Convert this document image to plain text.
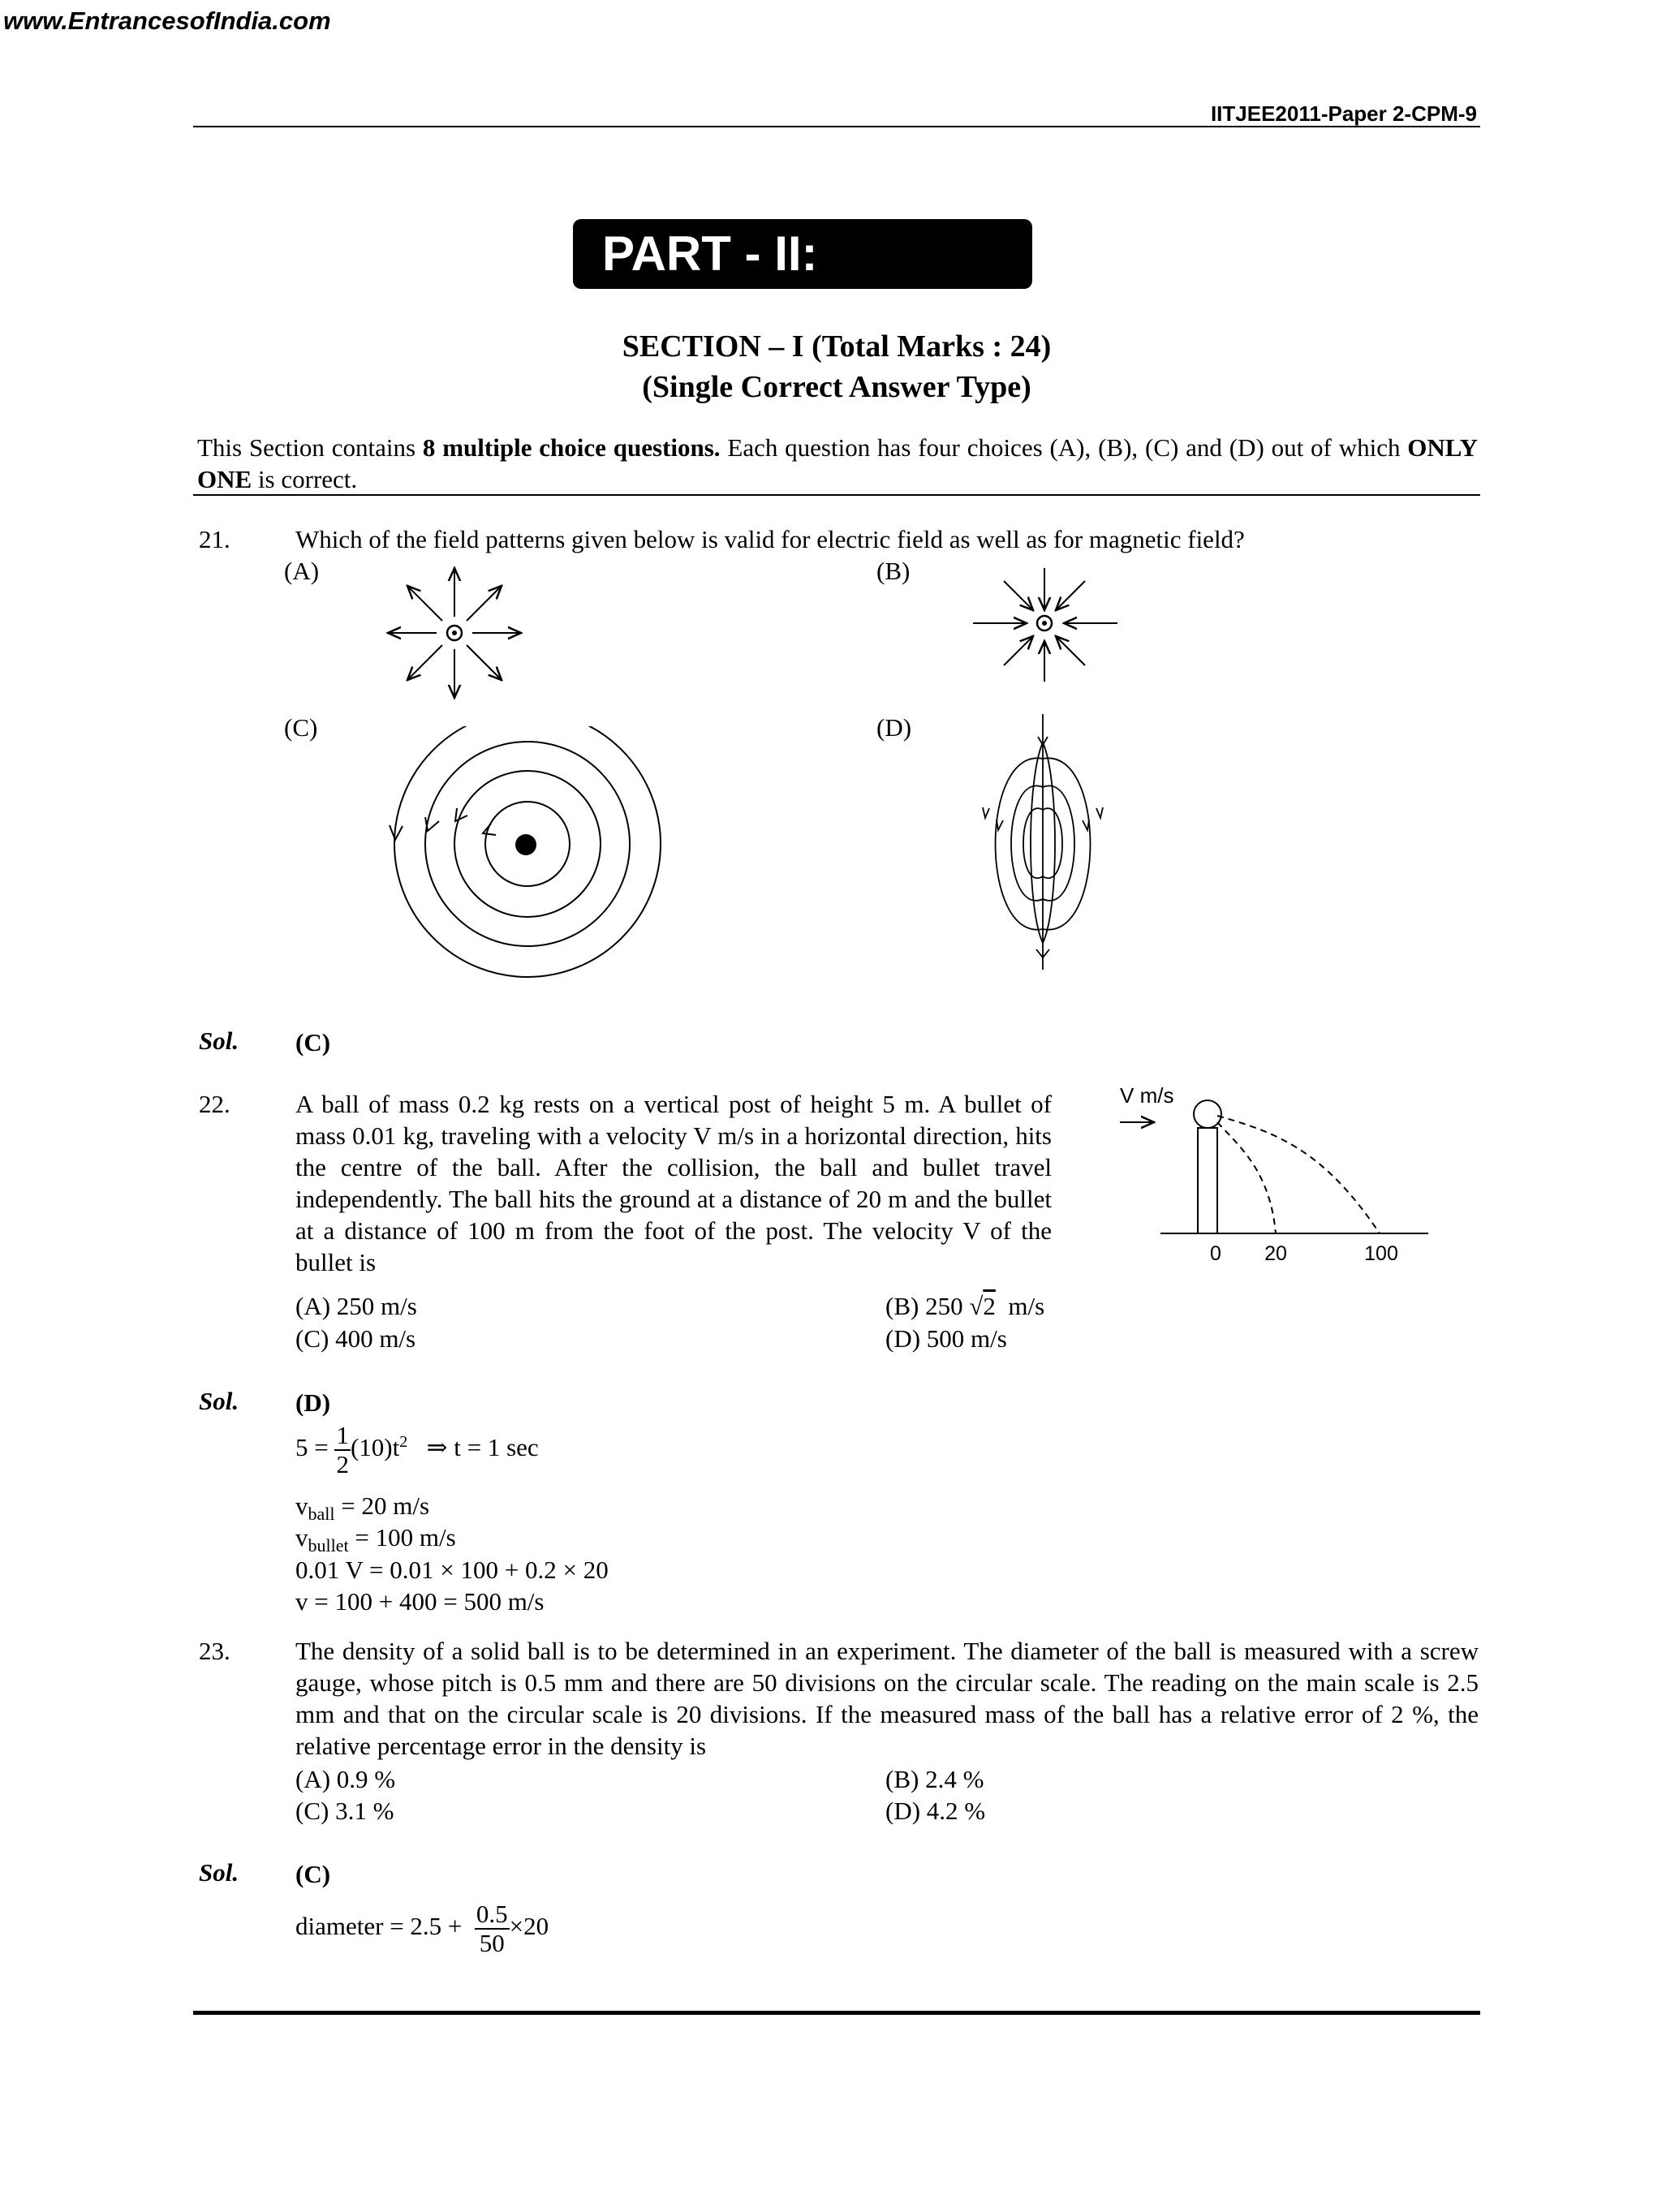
www.EntrancesofIndia.com
IITJEE2011-Paper 2-CPM-9
PART - II:
SECTION – I (Total Marks : 24)
(Single Correct Answer Type)
This Section contains 8 multiple choice questions. Each question has four choices (A), (B), (C) and (D) out of which ONLY ONE is correct.
21.	Which of the field patterns given below is valid for electric field as well as for magnetic field?
(A)	(B)
(C)	(D)
Sol. (C)
22.	A ball of mass 0.2 kg rests on a vertical post of height 5 m. A bullet of mass 0.01 kg, traveling with a velocity V m/s in a horizontal direction, hits the centre of the ball. After the collision, the ball and bullet travel independently. The ball hits the ground at a distance of 20 m and the bullet at a distance of 100 m from the foot of the post. The velocity V of the bullet is
V m/s
0 20	100
(A) 250 m/s	(B) 250 √2 m/s
(C) 400 m/s	(D) 500 m/s
Sol. (D)
$5 = \frac{1}{2} (10)t^2$ ⇒ t = 1 sec
$v_{ball} = 20$ m/s
$v_{bullet} = 100$ m/s
0.01 V = 0.01 × 100 + 0.2 × 20
v = 100 + 400 = 500 m/s
23.	The density of a solid ball is to be determined in an experiment. The diameter of the ball is measured with a screw gauge, whose pitch is 0.5 mm and there are 50 divisions on the circular scale. The reading on the main scale is 2.5 mm and that on the circular scale is 20 divisions. If the measured mass of the ball has a relative error of 2 %, the relative percentage error in the density is
(A) 0.9 %	(B) 2.4 %
(C) 3.1 %	(D) 4.2 %
Sol. (C)
diameter = $2.5 + \frac{0.5}{50} \times 20$
